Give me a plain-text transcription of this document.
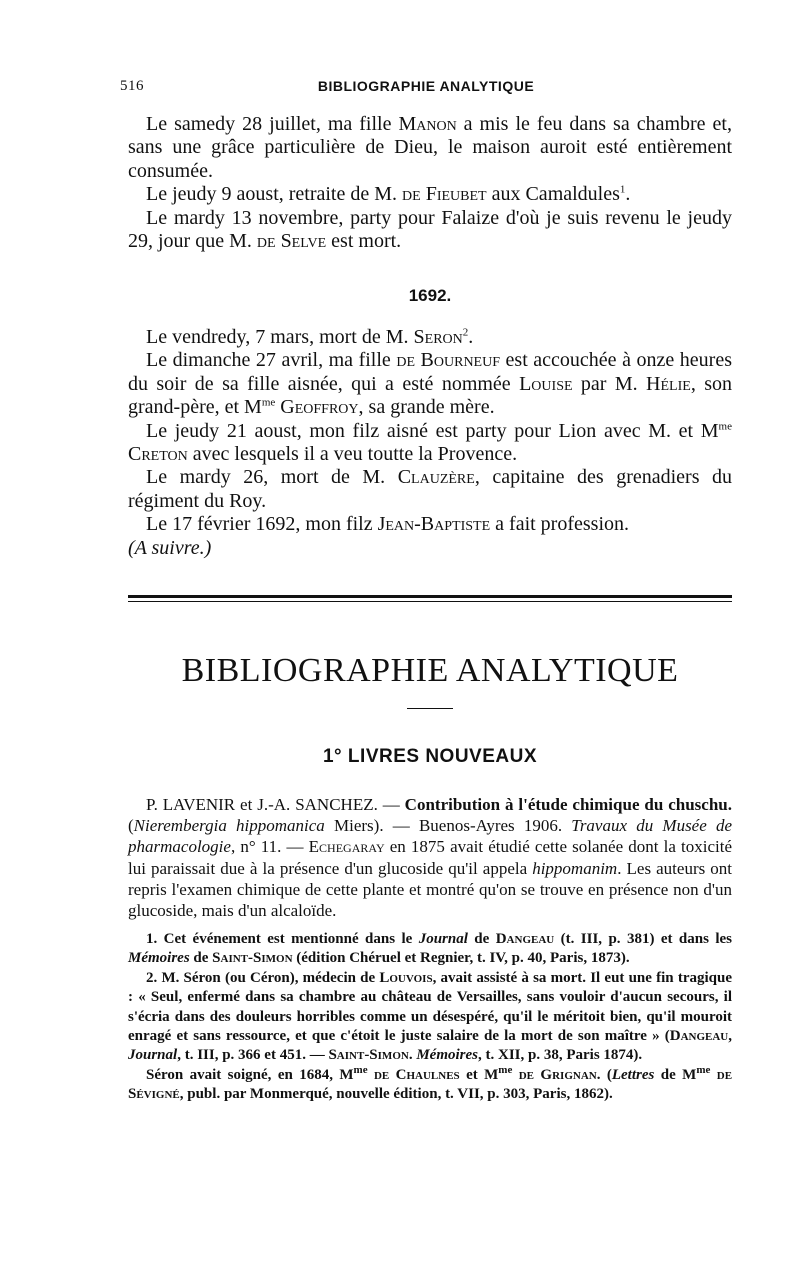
516	BIBLIOGRAPHIE ANALYTIQUE

Le samedy 28 juillet, ma fille Manon a mis le feu dans sa chambre et, sans une grâce particulière de Dieu, le maison auroit esté entièrement consumée.

Le jeudy 9 aoust, retraite de M. de Fieubet aux Camaldules$^1$.

Le mardy 13 novembre, party pour Falaize d'où je suis revenu le jeudy 29, jour que M. de Selve est mort.

1692.

Le vendredy, 7 mars, mort de M. Seron$^2$.

Le dimanche 27 avril, ma fille de Bourneuf est accouchée à onze heures du soir de sa fille aisnée, qui a esté nommée Louise par M. Hélie, son grand-père, et $M^{me}$ Geoffroy, sa grande mère.

Le jeudy 21 aoust, mon filz aisné est party pour Lion avec M. et $M^{me}$ Creton avec lesquels il a veu toutte la Provence.

Le mardy 26, mort de M. Clauzère, capitaine des grenadiers du régiment du Roy.

Le 17 février 1692, mon filz Jean-Baptiste a fait profession.

(A suivre.)

BIBLIOGRAPHIE ANALYTIQUE
1° LIVRES NOUVEAUX

P. LAVENIR et J.-A. SANCHEZ. — Contribution à l'étude chimique du chuschu. (Nierembergia hippomanica Miers). — Buenos-Ayres 1906. Travaux du Musée de pharmacologie, n° 11. — Echegaray en 1875 avait étudié cette solanée dont la toxicité lui paraissait due à la présence d'un glucoside qu'il appela hippomanim. Les auteurs ont repris l'examen chimique de cette plante et montré qu'on se trouve en présence non d'un glucoside, mais d'un alcaloïde.

1. Cet événement est mentionné dans le Journal de Dangeau (t. III, p. 381) et dans les Mémoires de Saint-Simon (édition Chéruel et Regnier, t. IV, p. 40, Paris, 1873).

2. M. Séron (ou Céron), médecin de Louvois, avait assisté à sa mort. Il eut une fin tragique : « Seul, enfermé dans sa chambre au château de Versailles, sans vouloir d'aucun secours, il s'écria dans des douleurs horribles comme un désespéré, qu'il le méritoit bien, qu'il mouroit enragé et sans ressource, et que c'étoit le juste salaire de la mort de son maître » (Dangeau, Journal, t. III, p. 366 et 451. — Saint-Simon. Mémoires, t. XII, p. 38, Paris 1874).

Séron avait soigné, en 1684, $M^{me}$ de Chaulnes et $M^{me}$ de Grignan. (Lettres de $M^{me}$ de Sévigné, publ. par Monmerqué, nouvelle édition, t. VII, p. 303, Paris, 1862).
